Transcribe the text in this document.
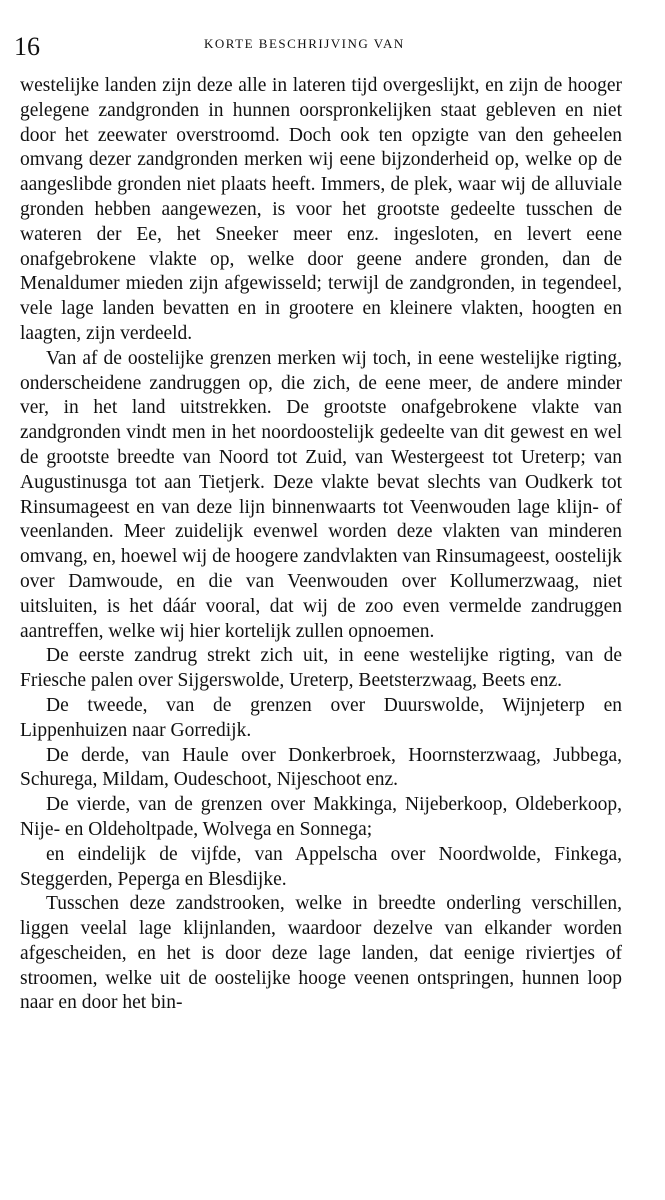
16	KORTE BESCHRIJVING VAN

westelijke landen zijn deze alle in lateren tijd overgeslijkt, en zijn de hooger gelegene zandgronden in hunnen oorspronkelijken staat gebleven en niet door het zeewater overstroomd. Doch ook ten opzigte van den geheelen omvang dezer zandgronden merken wij eene bijzonderheid op, welke op de aangeslibde gronden niet plaats heeft. Immers, de plek, waar wij de alluviale gronden hebben aangewezen, is voor het grootste gedeelte tusschen de wateren der Ee, het Sneeker meer enz. ingesloten, en levert eene onafgebrokene vlakte op, welke door geene andere gronden, dan de Menaldumer mieden zijn afgewisseld; terwijl de zandgronden, in tegendeel, vele lage landen bevatten en in grootere en kleinere vlakten, hoogten en laagten, zijn verdeeld.

Van af de oostelijke grenzen merken wij toch, in eene westelijke rigting, onderscheidene zandruggen op, die zich, de eene meer, de andere minder ver, in het land uitstrekken. De grootste onafgebrokene vlakte van zandgronden vindt men in het noordoostelijk gedeelte van dit gewest en wel de grootste breedte van Noord tot Zuid, van Westergeest tot Ureterp; van Augustinusga tot aan Tietjerk. Deze vlakte bevat slechts van Oudkerk tot Rinsumageest en van deze lijn binnenwaarts tot Veenwouden lage klijn- of veenlanden. Meer zuidelijk evenwel worden deze vlakten van minderen omvang, en, hoewel wij de hoogere zandvlakten van Rinsumageest, oostelijk over Damwoude, en die van Veenwouden over Kollumerzwaag, niet uitsluiten, is het dáár vooral, dat wij de zoo even vermelde zandruggen aantreffen, welke wij hier kortelijk zullen opnoemen.

De eerste zandrug strekt zich uit, in eene westelijke rigting, van de Friesche palen over Sijgerswolde, Ureterp, Beetsterzwaag, Beets enz.

De tweede, van de grenzen over Duurswolde, Wijnjeterp en Lippenhuizen naar Gorredijk.

De derde, van Haule over Donkerbroek, Hoornsterzwaag, Jubbega, Schurega, Mildam, Oudeschoot, Nijeschoot enz.

De vierde, van de grenzen over Makkinga, Nijeberkoop, Oldeberkoop, Nije- en Oldeholtpade, Wolvega en Sonnega;

en eindelijk de vijfde, van Appelscha over Noordwolde, Finkega, Steggerden, Peperga en Blesdijke.

Tusschen deze zandstrooken, welke in breedte onderling verschillen, liggen veelal lage klijnlanden, waardoor dezelve van elkander worden afgescheiden, en het is door deze lage landen, dat eenige riviertjes of stroomen, welke uit de oostelijke hooge veenen ontspringen, hunnen loop naar en door het bin-
